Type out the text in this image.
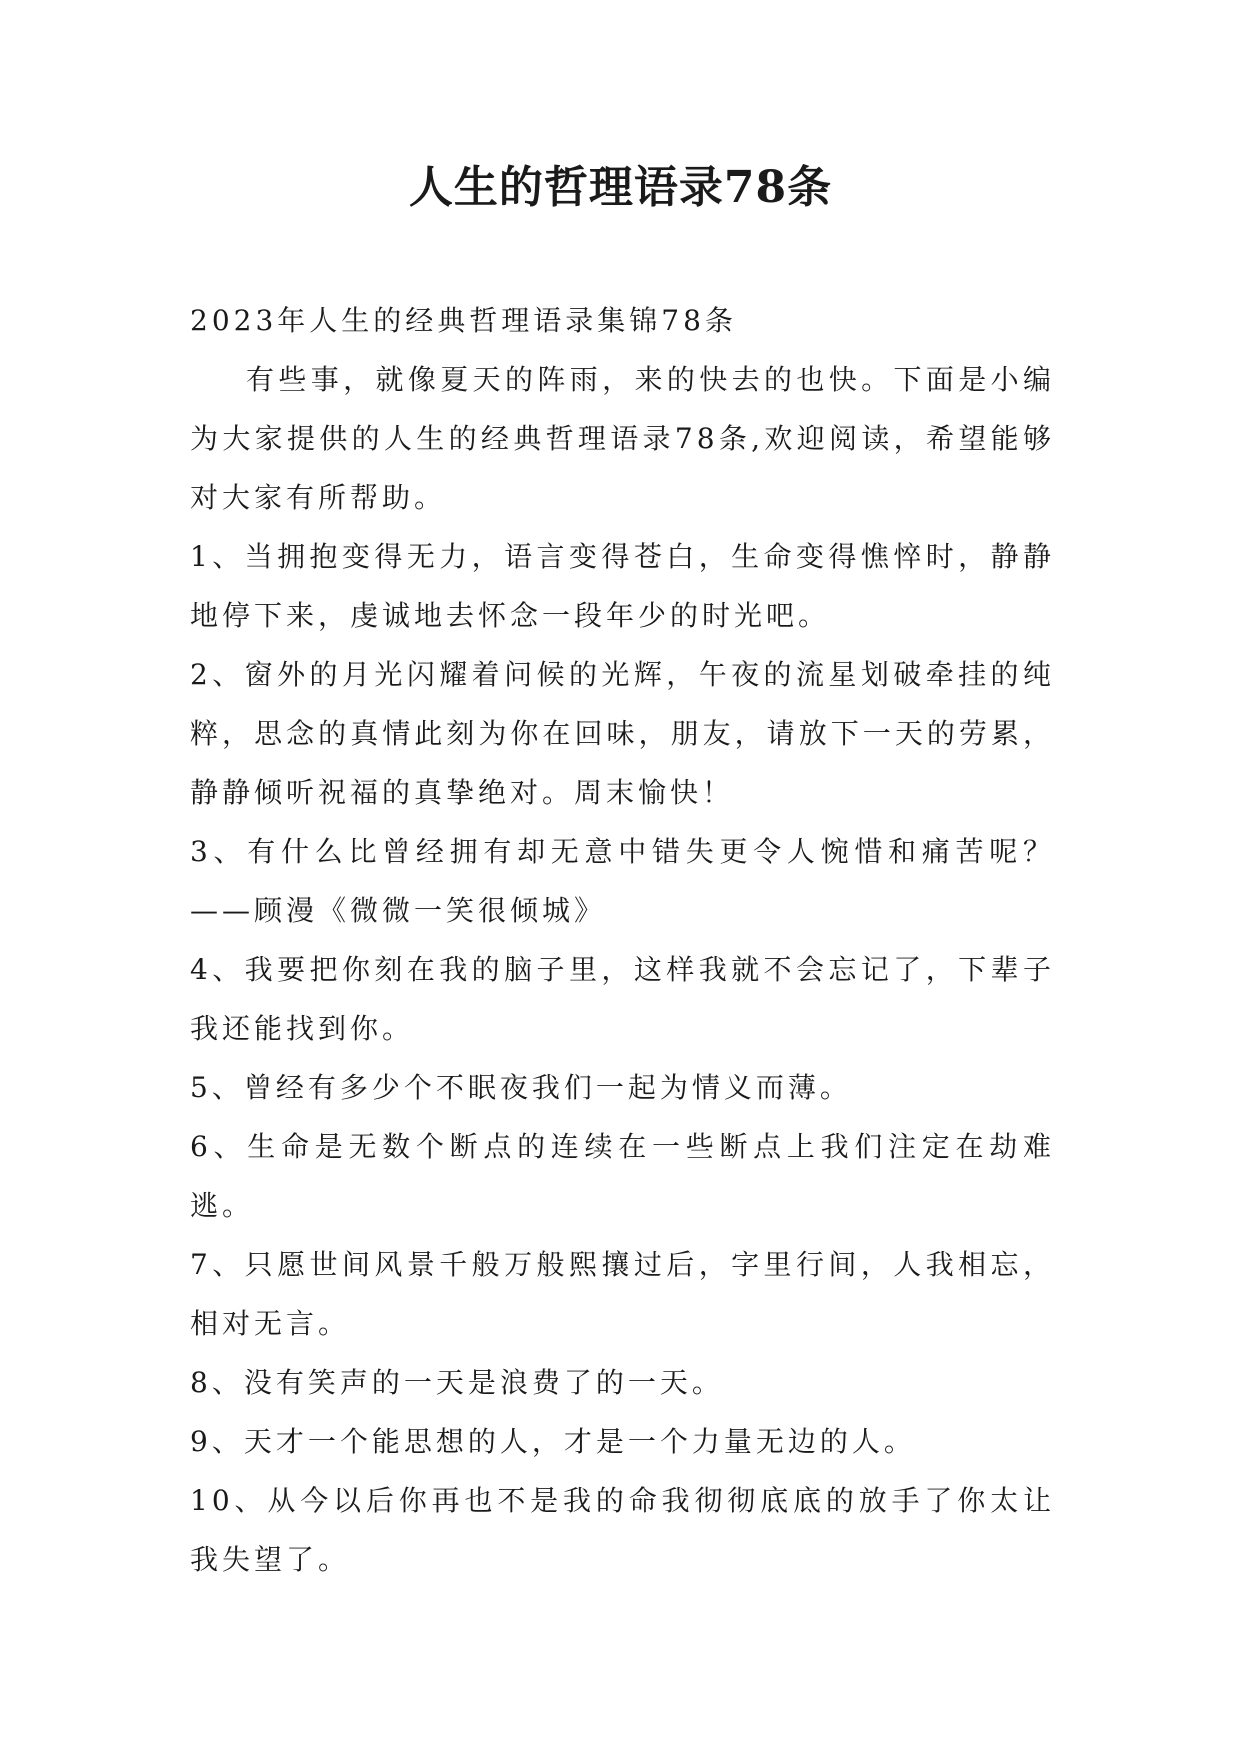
人生的哲理语录78条

2023年人生的经典哲理语录集锦78条

有些事，就像夏天的阵雨，来的快去的也快。下面是小编为大家提供的人生的经典哲理语录78条,欢迎阅读，希望能够对大家有所帮助。

1、当拥抱变得无力，语言变得苍白，生命变得憔悴时，静静地停下来，虔诚地去怀念一段年少的时光吧。

2、窗外的月光闪耀着问候的光辉，午夜的流星划破牵挂的纯粹，思念的真情此刻为你在回味，朋友，请放下一天的劳累，静静倾听祝福的真挚绝对。周末愉快！

3、有什么比曾经拥有却无意中错失更令人惋惜和痛苦呢？——顾漫《微微一笑很倾城》

4、我要把你刻在我的脑子里，这样我就不会忘记了，下辈子我还能找到你。

5、曾经有多少个不眠夜我们一起为情义而薄。

6、生命是无数个断点的连续在一些断点上我们注定在劫难逃。

7、只愿世间风景千般万般熙攘过后，字里行间，人我相忘，相对无言。

8、没有笑声的一天是浪费了的一天。

9、天才一个能思想的人，才是一个力量无边的人。

10、从今以后你再也不是我的命我彻彻底底的放手了你太让我失望了。
